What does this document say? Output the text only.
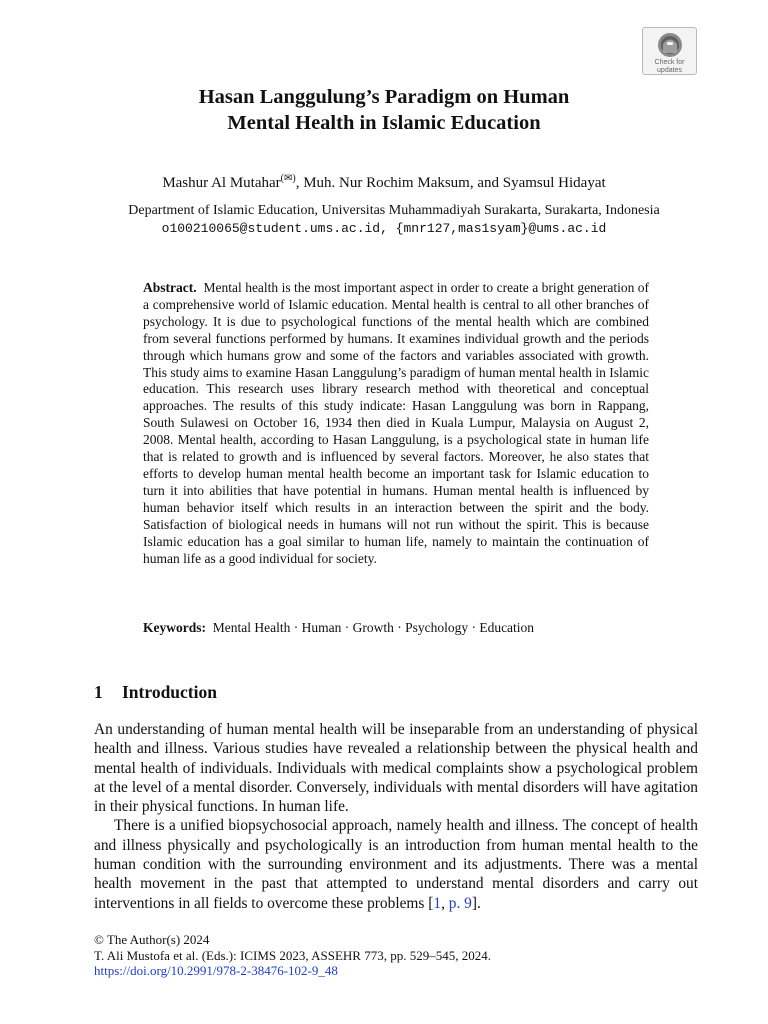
Check for
updates
Hasan Langgulung’s Paradigm on Human
Mental Health in Islamic Education
Mashur Al Mutahar(✉), Muh. Nur Rochim Maksum, and Syamsul Hidayat
Department of Islamic Education, Universitas Muhammadiyah Surakarta, Surakarta, Indonesia
o100210065@student.ums.ac.id, {mnr127,mas1syam}@ums.ac.id

Abstract. Mental health is the most important aspect in order to create a bright generation of a comprehensive world of Islamic education. Mental health is central to all other branches of psychology. It is due to psychological functions of the mental health which are combined from several functions performed by humans. It examines individual growth and the periods through which humans grow and some of the factors and variables associated with growth. This study aims to examine Hasan Langgulung’s paradigm of human mental health in Islamic education. This research uses library research method with theoretical and conceptual approaches. The results of this study indicate: Hasan Langgulung was born in Rappang, South Sulawesi on October 16, 1934 then died in Kuala Lumpur, Malaysia on August 2, 2008. Mental health, according to Hasan Langgulung, is a psychological state in human life that is related to growth and is influenced by several factors. Moreover, he also states that efforts to develop human mental health become an important task for Islamic education to turn it into abilities that have potential in humans. Human mental health is influenced by human behavior itself which results in an interaction between the spirit and the body. Satisfaction of biological needs in humans will not run without the spirit. This is because Islamic education has a goal similar to human life, namely to maintain the continuation of human life as a good individual for society.

Keywords: Mental Health · Human · Growth · Psychology · Education

1 Introduction

An understanding of human mental health will be inseparable from an understanding of physical health and illness. Various studies have revealed a relationship between the physical health and mental health of individuals. Individuals with medical complaints show a psychological problem at the level of a mental disorder. Conversely, individuals with mental disorders will have agitation in their physical functions. In human life.

There is a unified biopsychosocial approach, namely health and illness. The concept of health and illness physically and psychologically is an introduction from human mental health to the human condition with the surrounding environment and its adjustments. There was a mental health movement in the past that attempted to understand mental disorders and carry out interventions in all fields to overcome these problems [1, p. 9].

© The Author(s) 2024
T. Ali Mustofa et al. (Eds.): ICIMS 2023, ASSEHR 773, pp. 529–545, 2024.
https://doi.org/10.2991/978-2-38476-102-9_48
